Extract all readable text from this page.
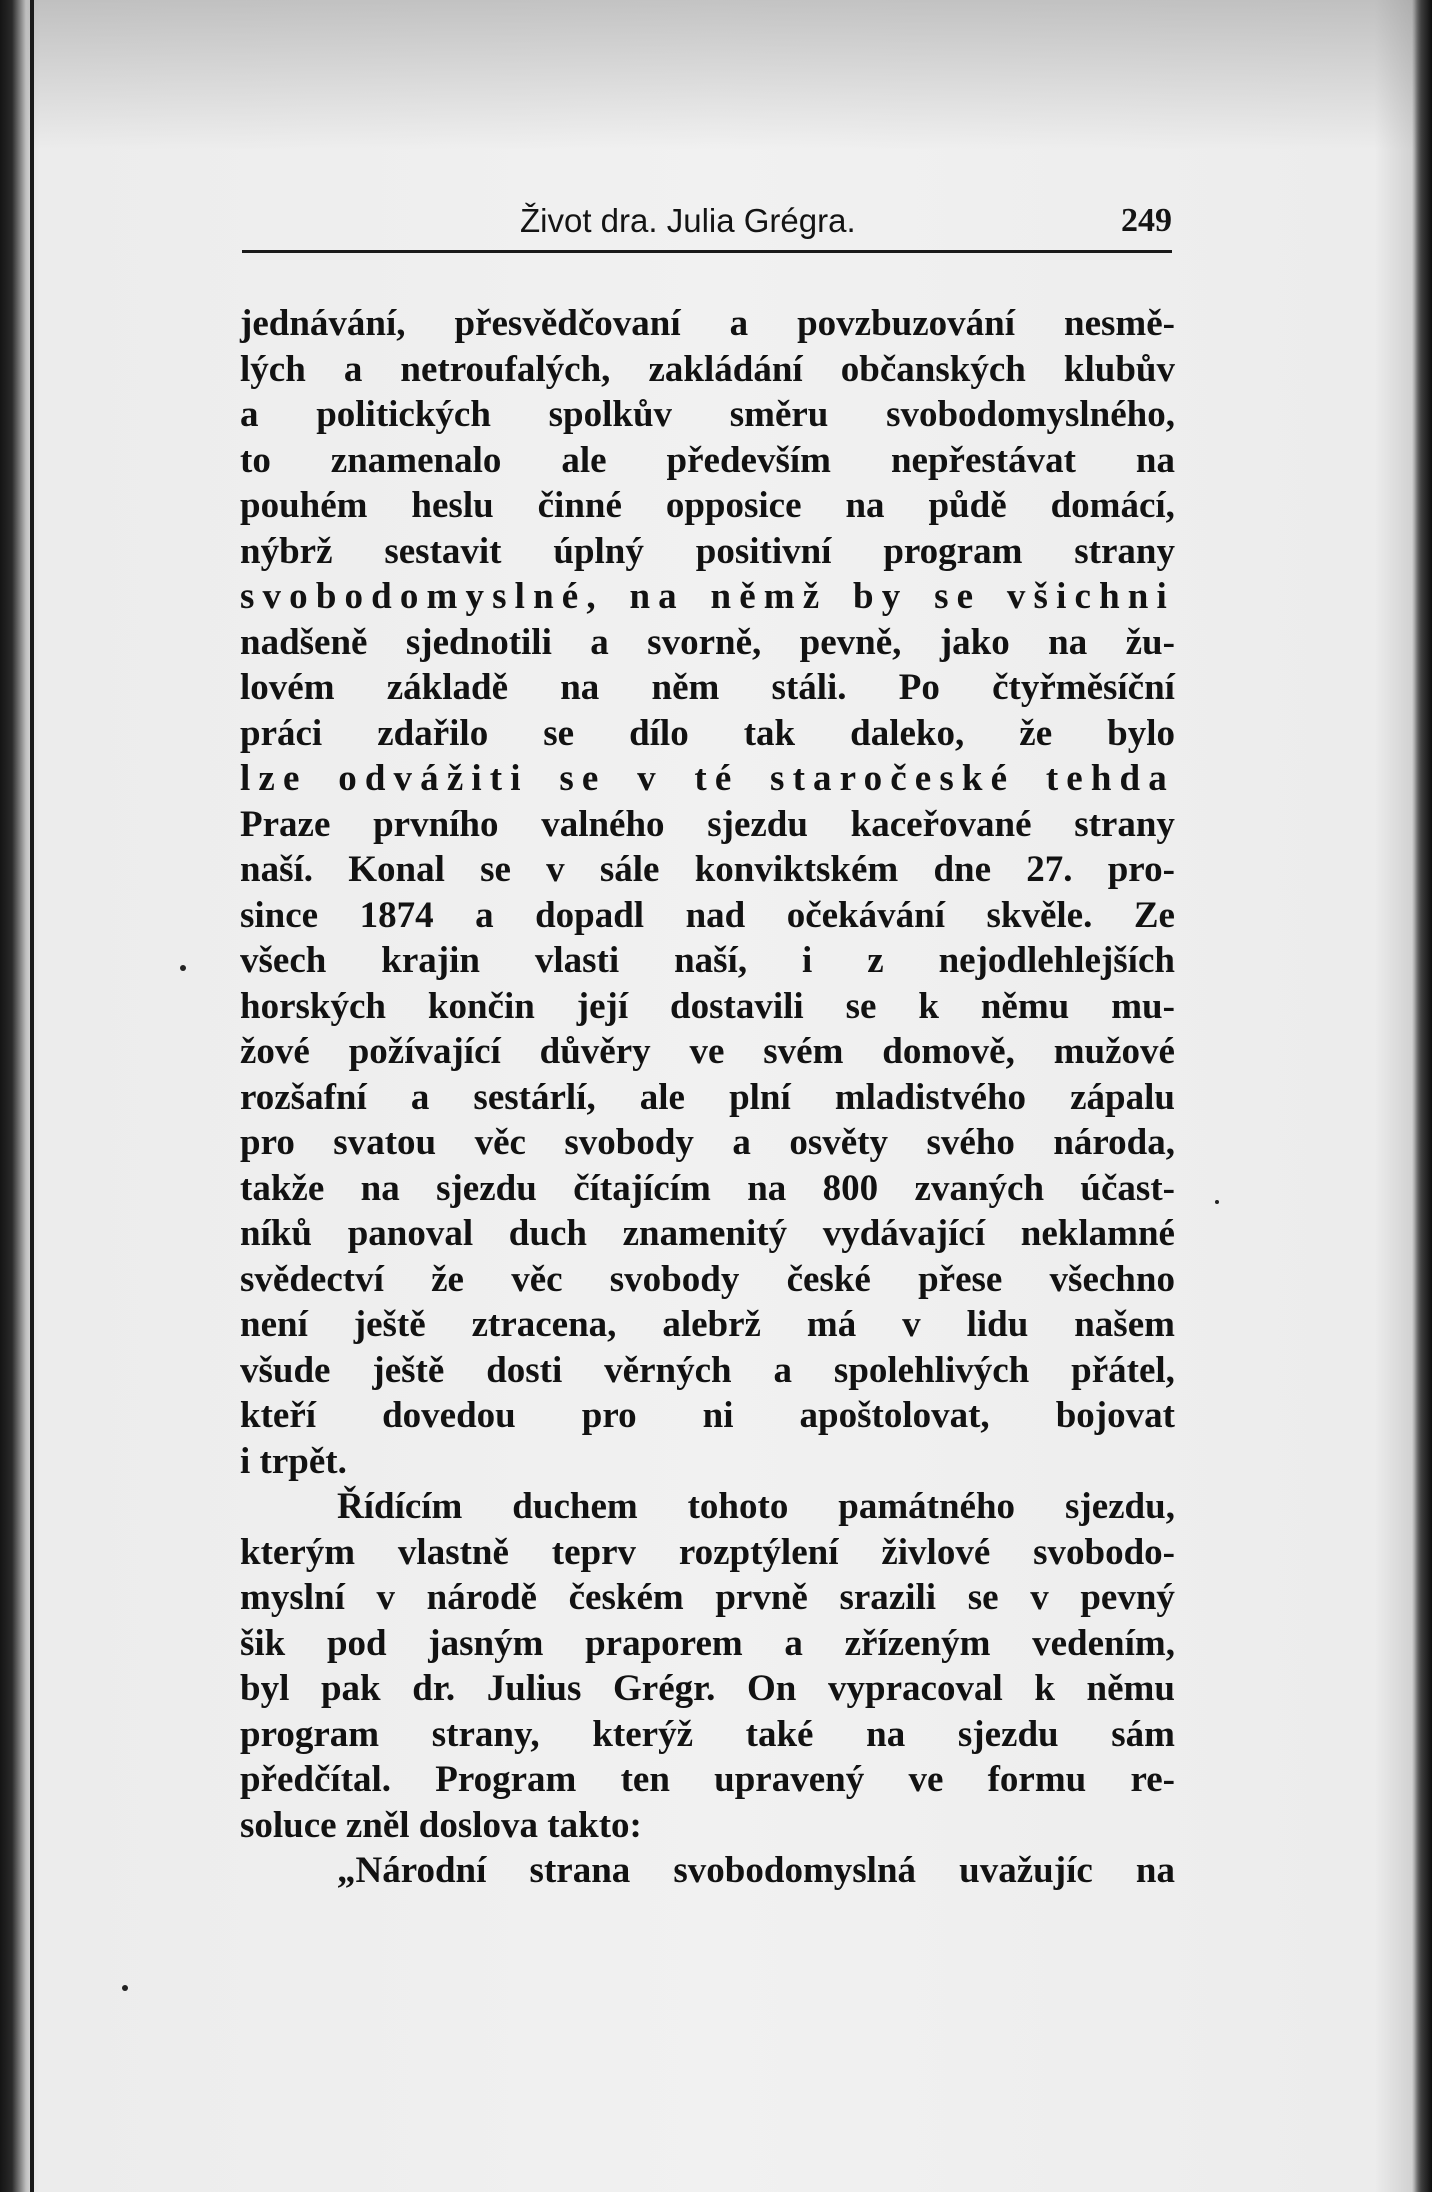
Život dra. Julia Grégra.	249
jednávání, přesvědčovaní a povzbuzování nesmě-
lých a netroufalých, zakládání občanských klubův
a politických spolkův směru svobodomyslného,
to znamenalo ale především nepřestávat na
pouhém heslu činné opposice na půdě domácí,
nýbrž sestavit úplný positivní program strany
svobodomyslné, na němž by se všichni
nadšeně sjednotili a svorně, pevně, jako na žu-
lovém základě na něm stáli. Po čtyřměsíční
práci zdařilo se dílo tak daleko, že bylo
lze odvážiti se v té staročeské tehda
Praze prvního valného sjezdu kaceřované strany
naší. Konal se v sále konviktském dne 27. pro-
since 1874 a dopadl nad očekávání skvěle. Ze
všech krajin vlasti naší, i z nejodlehlejších
horských končin její dostavili se k němu mu-
žové požívající důvěry ve svém domově, mužové
rozšafní a sestárlí, ale plní mladistvého zápalu
pro svatou věc svobody a osvěty svého národa,
takže na sjezdu čítajícím na 800 zvaných účast-
níků panoval duch znamenitý vydávající neklamné
svědectví že věc svobody české přese všechno
není ještě ztracena, alebrž má v lidu našem
všude ještě dosti věrných a spolehlivých přátel,
kteří dovedou pro ni apoštolovat, bojovat
i trpět.
Řídícím duchem tohoto památného sjezdu,
kterým vlastně teprv rozptýlení živlové svobodo-
myslní v národě českém prvně srazili se v pevný
šik pod jasným praporem a zřízeným vedením,
byl pak dr. Julius Grégr. On vypracoval k němu
program strany, kterýž také na sjezdu sám
předčítal. Program ten upravený ve formu re-
soluce zněl doslova takto:
„Národní strana svobodomyslná uvažujíc na
